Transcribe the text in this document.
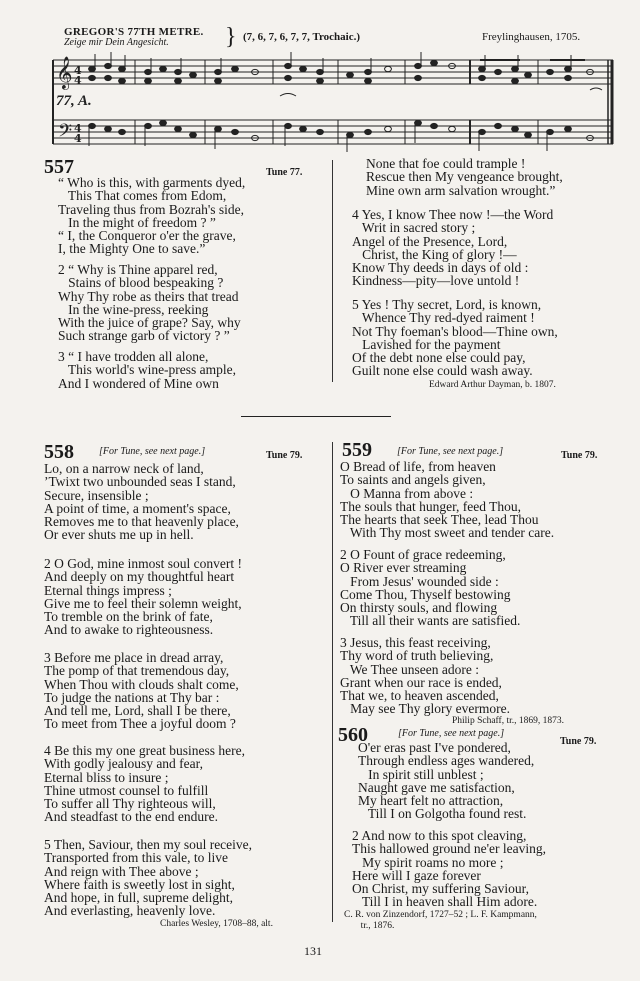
GREGOR'S 77TH METRE.
Zeige mir Dein Angesicht. } (7, 6, 7, 6, 7, 7, Trochaic.)	Freylinghausen, 1705.
𝄞
𝄢
4
4
4
4
77, A.
557	Tune 77.
“ Who is this, with garments dyed,
This That comes from Edom,
Traveling thus from Bozrah's side,
In the might of freedom ? ”
“ I, the Conqueror o'er the grave,
I, the Mighty One to save.”
2 “ Why is Thine apparel red,
Stains of blood bespeaking ?
Why Thy robe as theirs that tread
In the wine-press, reeking
With the juice of grape? Say, why
Such strange garb of victory ? ”
3 “ I have trodden all alone,
This world's wine-press ample,
And I wondered of Mine own
None that foe could trample !
Rescue then My vengeance brought,
Mine own arm salvation wrought.”
4 Yes, I know Thee now !—the Word
Writ in sacred story ;
Angel of the Presence, Lord,
Christ, the King of glory !—
Know Thy deeds in days of old :
Kindness—pity—love untold !
5 Yes ! Thy secret, Lord, is known,
Whence Thy red-dyed raiment !
Not Thy foeman's blood—Thine own,
Lavished for the payment
Of the debt none else could pay,
Guilt none else could wash away.
Edward Arthur Dayman, b. 1807.
558	[For Tune, see next page.]	Tune 79.
Lo, on a narrow neck of land,
’Twixt two unbounded seas I stand,
Secure, insensible ;
A point of time, a moment's space,
Removes me to that heavenly place,
Or ever shuts me up in hell.
2 O God, mine inmost soul convert !
And deeply on my thoughtful heart
Eternal things impress ;
Give me to feel their solemn weight,
To tremble on the brink of fate,
And to awake to righteousness.
3 Before me place in dread array,
The pomp of that tremendous day,
When Thou with clouds shalt come,
To judge the nations at Thy bar :
And tell me, Lord, shall I be there,
To meet from Thee a joyful doom ?
4 Be this my one great business here,
With godly jealousy and fear,
Eternal bliss to insure ;
Thine utmost counsel to fulfill
To suffer all Thy righteous will,
And steadfast to the end endure.
5 Then, Saviour, then my soul receive,
Transported from this vale, to live
And reign with Thee above ;
Where faith is sweetly lost in sight,
And hope, in full, supreme delight,
And everlasting, heavenly love.
Charles Wesley, 1708–88, alt.
559	[For Tune, see next page.]	Tune 79.
O Bread of life, from heaven
To saints and angels given,
O Manna from above :
The souls that hunger, feed Thou,
The hearts that seek Thee, lead Thou
With Thy most sweet and tender care.
2 O Fount of grace redeeming,
O River ever streaming
From Jesus' wounded side :
Come Thou, Thyself bestowing
On thirsty souls, and flowing
Till all their wants are satisfied.
3 Jesus, this feast receiving,
Thy word of truth believing,
We Thee unseen adore :
Grant when our race is ended,
That we, to heaven ascended,
May see Thy glory evermore.
Philip Schaff, tr., 1869, 1873.
560	[For Tune, see next page.]
Tune 79.
O'er eras past I've pondered,
Through endless ages wandered,
In spirit still unblest ;
Naught gave me satisfaction,
My heart felt no attraction,
Till I on Golgotha found rest.
2 And now to this spot cleaving,
This hallowed ground ne'er leaving,
My spirit roams no more ;
Here will I gaze forever
On Christ, my suffering Saviour,
Till I in heaven shall Him adore.
C. R. von Zinzendorf, 1727–52 ; L. F. Kampmann,
tr., 1876.
131
